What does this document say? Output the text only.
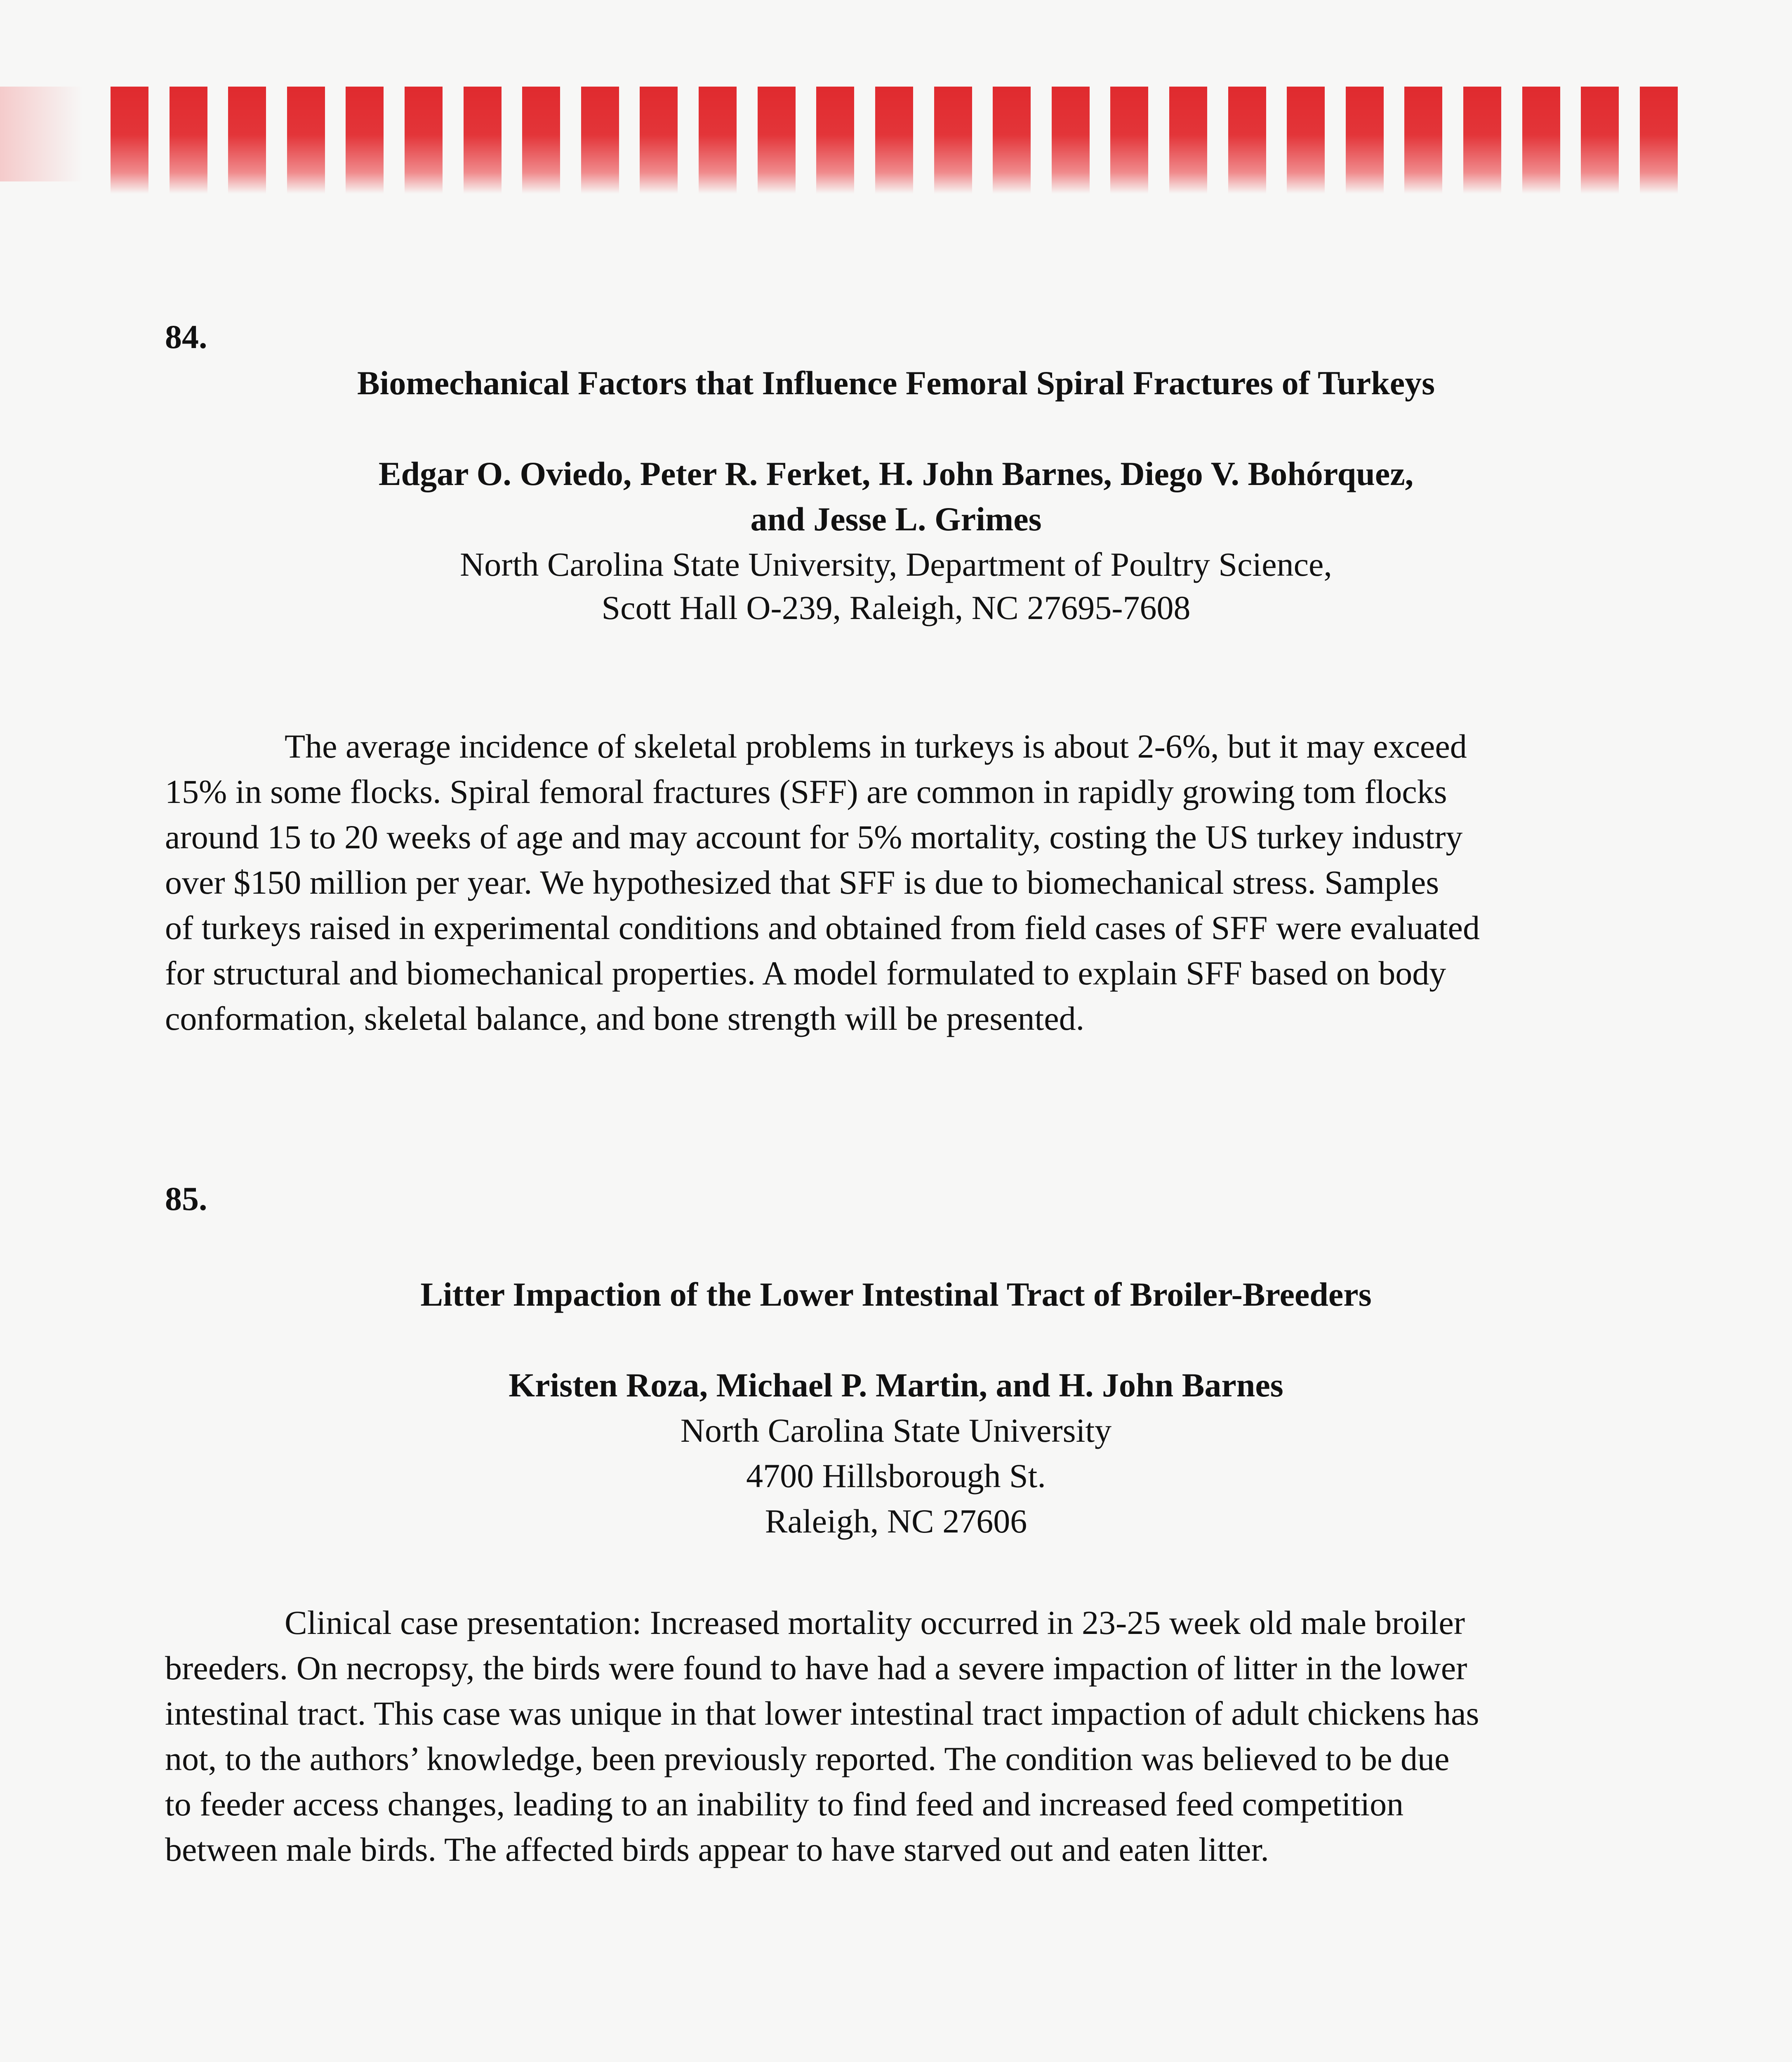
84.
Biomechanical Factors that Influence Femoral Spiral Fractures of Turkeys
Edgar O. Oviedo, Peter R. Ferket, H. John Barnes, Diego V. Bohórquez,
and Jesse L. Grimes
North Carolina State University, Department of Poultry Science,
Scott Hall O-239, Raleigh, NC 27695-7608
The average incidence of skeletal problems in turkeys is about 2-6%, but it may exceed
15% in some flocks. Spiral femoral fractures (SFF) are common in rapidly growing tom flocks
around 15 to 20 weeks of age and may account for 5% mortality, costing the US turkey industry
over $150 million per year. We hypothesized that SFF is due to biomechanical stress. Samples
of turkeys raised in experimental conditions and obtained from field cases of SFF were evaluated
for structural and biomechanical properties. A model formulated to explain SFF based on body
conformation, skeletal balance, and bone strength will be presented.
85.
Litter Impaction of the Lower Intestinal Tract of Broiler-Breeders
Kristen Roza, Michael P. Martin, and H. John Barnes
North Carolina State University
4700 Hillsborough St.
Raleigh, NC 27606
Clinical case presentation: Increased mortality occurred in 23-25 week old male broiler
breeders. On necropsy, the birds were found to have had a severe impaction of litter in the lower
intestinal tract. This case was unique in that lower intestinal tract impaction of adult chickens has
not, to the authors’ knowledge, been previously reported. The condition was believed to be due
to feeder access changes, leading to an inability to find feed and increased feed competition
between male birds. The affected birds appear to have starved out and eaten litter.
